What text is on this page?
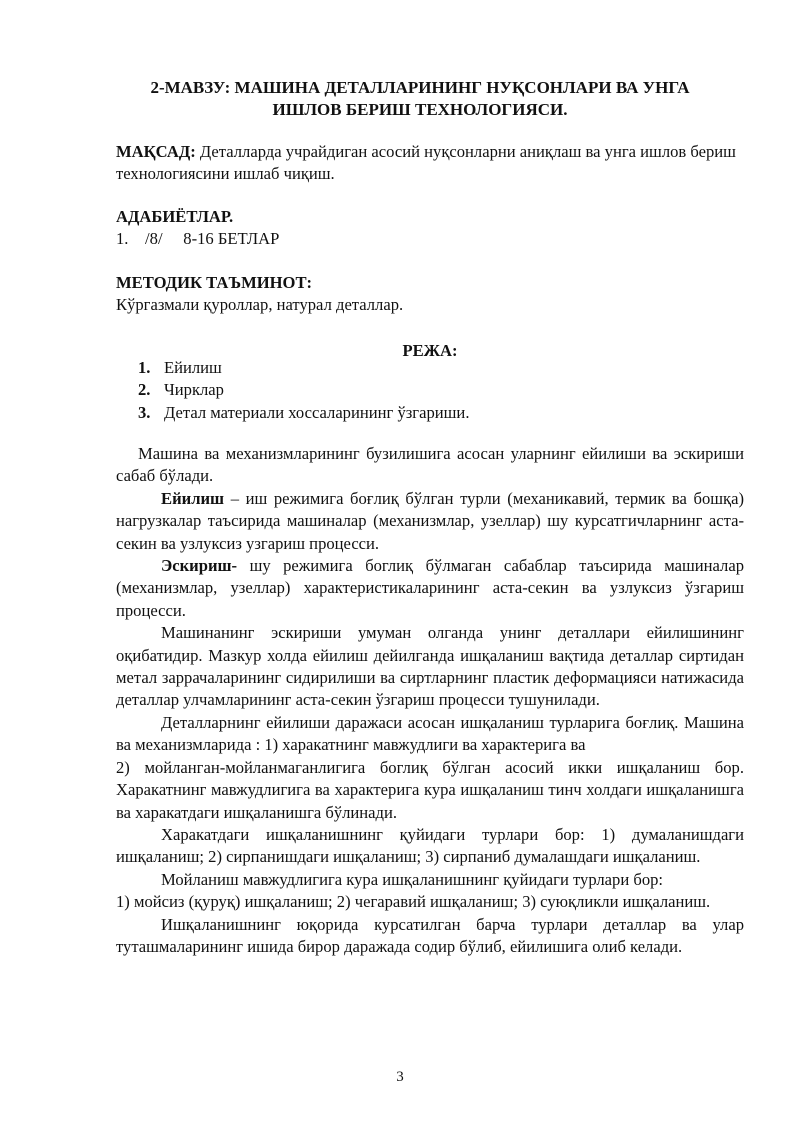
2-МАВЗУ: МАШИНА ДЕТАЛЛАРИНИНГ НУҚСОНЛАРИ ВА УНГА
ИШЛОВ БЕРИШ ТЕХНОЛОГИЯСИ.
МАҚСАД: Деталларда учрайдиган асосий нуқсонларни аниқлаш ва унга ишлов бериш технологиясини ишлаб чиқиш.
АДАБИЁТЛАР.
1.    /8/     8-16 БЕТЛАР
МЕТОДИК ТАЪМИНОТ:
Кўргазмали қуроллар, натурал деталлар.
РЕЖА:
1. Ейилиш
2. Чирклар
3. Детал материали хоссаларининг ўзгариши.

Машина ва механизмларининг бузилишига асосан уларнинг ейилиши ва эскириши сабаб бўлади.

Ейилиш – иш режимига боғлиқ бўлган турли (механикавий, термик ва бошқа) нагрузкалар таъсирида машиналар (механизмлар, узеллар) шу курсатгичларнинг аста-секин ва узлуксиз узгариш процесси.

Эскириш- шу режимига боглиқ бўлмаган сабаблар таъсирида машиналар (механизмлар, узеллар) характеристикаларининг аста-секин ва узлуксиз ўзгариш процесси.

Машинанинг эскириши умуман олганда унинг деталлари ейилишининг оқибатидир. Мазкур холда ейилиш дейилганда ишқаланиш вақтида деталлар сиртидан метал заррачаларининг сидирилиши ва сиртларнинг пластик деформацияси натижасида деталлар улчамларининг аста-секин ўзгариш процесси тушунилади.

Деталларнинг ейилиши даражаси асосан ишқаланиш турларига боғлиқ. Машина ва механизмларида : 1) харакатнинг мавжудлиги ва характерига ва

2) мойланган-мойланмаганлигига боглиқ бўлган асосий икки ишқаланиш бор. Харакатнинг мавжудлигига ва характерига кура ишқаланиш тинч холдаги ишқаланишга ва харакатдаги ишқаланишга бўлинади.

Харакатдаги ишқаланишнинг қуйидаги турлари бор: 1) думаланишдаги ишқаланиш; 2) сирпанишдаги ишқаланиш; 3) сирпаниб думалашдаги ишқаланиш.

Мойланиш мавжудлигига кура ишқаланишнинг қуйидаги турлари бор:

1) мойсиз (қуруқ) ишқаланиш; 2) чегаравий ишқаланиш; 3) суюқликли ишқаланиш.

Ишқаланишнинг юқорида курсатилган барча турлари деталлар ва улар туташмаларининг ишида бирор даражада содир бўлиб, ейилишига олиб келади.

3
